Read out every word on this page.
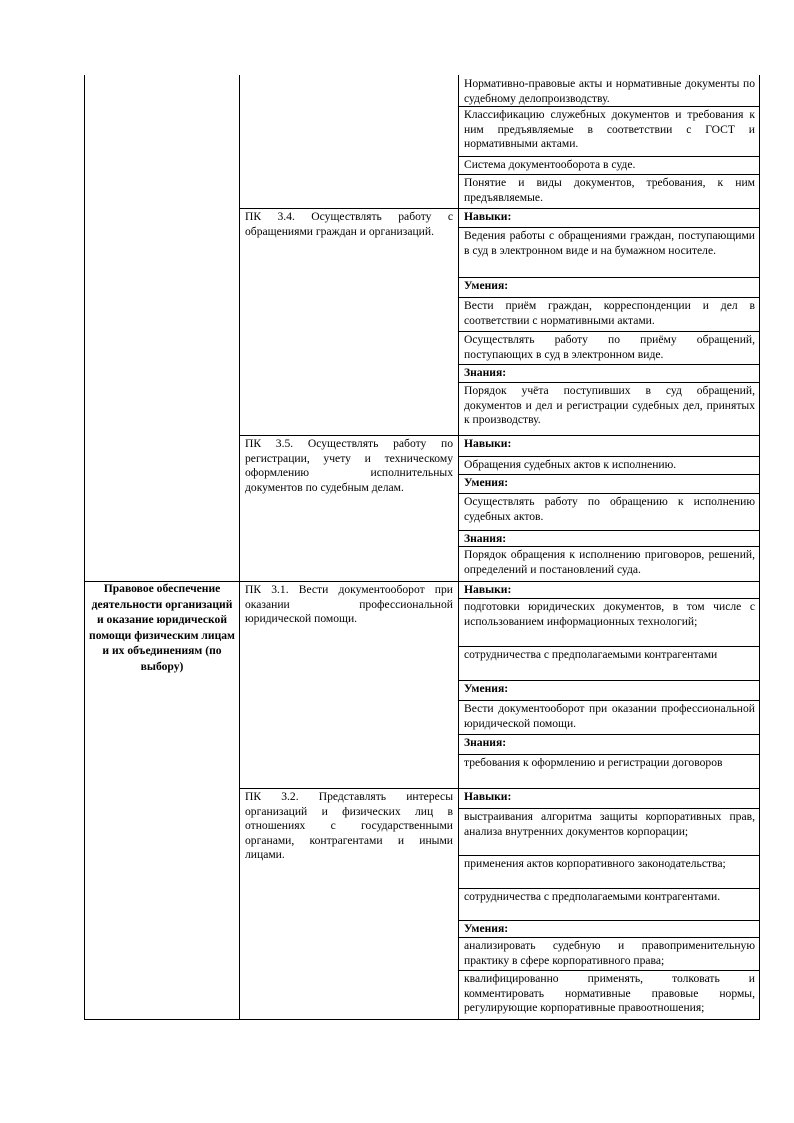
Правовое обеспечение деятельности организаций и оказание юридической помощи физическим лицам и их объединениям (по выбору)
ПК 3.4. Осуществлять работу с обращениями граждан и организаций.
ПК 3.5. Осуществлять работу по регистрации, учету и техническому оформлению исполнительных документов по судебным делам.
ПК 3.1. Вести документооборот при оказании профессиональной юридической помощи.
ПК 3.2. Представлять интересы организаций и физических лиц в отношениях с государственными органами, контрагентами и иными лицами.
Нормативно-правовые акты и нормативные документы по судебному делопроизводству.
Классификацию служебных документов и требования к ним предъявляемые в соответствии с ГОСТ и нормативными актами.
Система документооборота в суде.
Понятие и виды документов, требования, к ним предъявляемые.
Навыки:
Ведения работы с обращениями граждан, поступающими в суд в электронном виде и на бумажном носителе.
Умения:
Вести приём граждан, корреспонденции и дел в соответствии с нормативными актами.
Осуществлять работу по приёму обращений, поступающих в суд в электронном виде.
Знания:
Порядок учёта поступивших в суд обращений, документов и дел и регистрации судебных дел, принятых к производству.
Навыки:
Обращения судебных актов к исполнению.
Умения:
Осуществлять работу по обращению к исполнению судебных актов.
Знания:
Порядок обращения к исполнению приговоров, решений, определений и постановлений суда.
Навыки:
подготовки юридических документов, в том числе с использованием информационных технологий;
сотрудничества с предполагаемыми контрагентами
Умения:
Вести документооборот при оказании профессиональной юридической помощи.
Знания:
требования к оформлению и регистрации договоров
Навыки:
выстраивания алгоритма защиты корпоративных прав, анализа внутренних документов корпорации;
применения актов корпоративного законодательства;
сотрудничества с предполагаемыми контрагентами.
Умения:
анализировать судебную и правоприменительную практику в сфере корпоративного права;
квалифицированно применять, толковать и комментировать нормативные правовые нормы, регулирующие корпоративные правоотношения;
